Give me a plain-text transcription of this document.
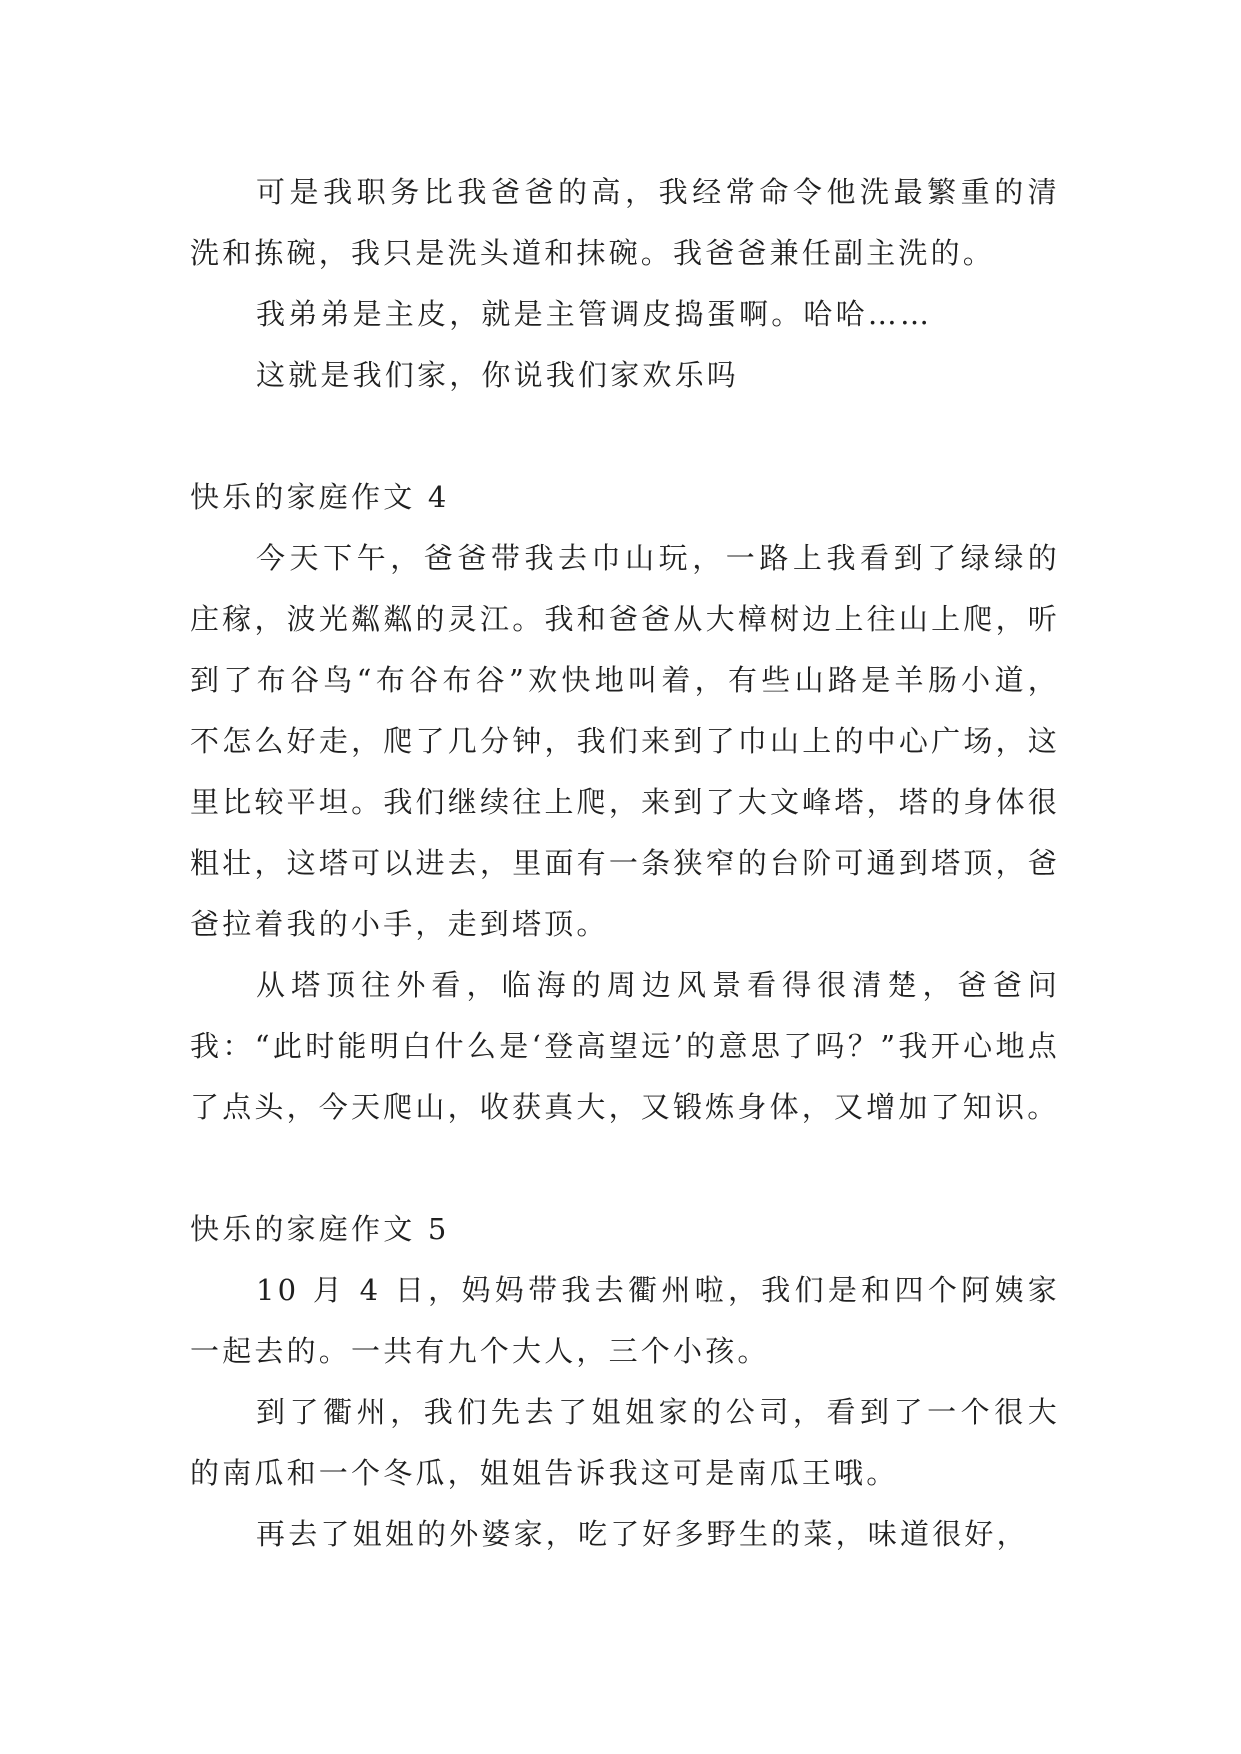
可是我职务比我爸爸的高，我经常命令他洗最繁重的清洗和拣碗，我只是洗头道和抹碗。我爸爸兼任副主洗的。

我弟弟是主皮，就是主管调皮捣蛋啊。哈哈……

这就是我们家，你说我们家欢乐吗

快乐的家庭作文 4

今天下午，爸爸带我去巾山玩，一路上我看到了绿绿的庄稼，波光粼粼的灵江。我和爸爸从大樟树边上往山上爬，听到了布谷鸟“布谷布谷”欢快地叫着，有些山路是羊肠小道，不怎么好走，爬了几分钟，我们来到了巾山上的中心广场，这里比较平坦。我们继续往上爬，来到了大文峰塔，塔的身体很粗壮，这塔可以进去，里面有一条狭窄的台阶可通到塔顶，爸爸拉着我的小手，走到塔顶。

从塔顶往外看，临海的周边风景看得很清楚，爸爸问我：“此时能明白什么是‘登高望远’的意思了吗？”我开心地点了点头，今天爬山，收获真大，又锻炼身体，又增加了知识。

快乐的家庭作文 5

10 月 4 日，妈妈带我去衢州啦，我们是和四个阿姨家一起去的。一共有九个大人，三个小孩。

到了衢州，我们先去了姐姐家的公司，看到了一个很大的南瓜和一个冬瓜，姐姐告诉我这可是南瓜王哦。

再去了姐姐的外婆家，吃了好多野生的菜，味道很好，
